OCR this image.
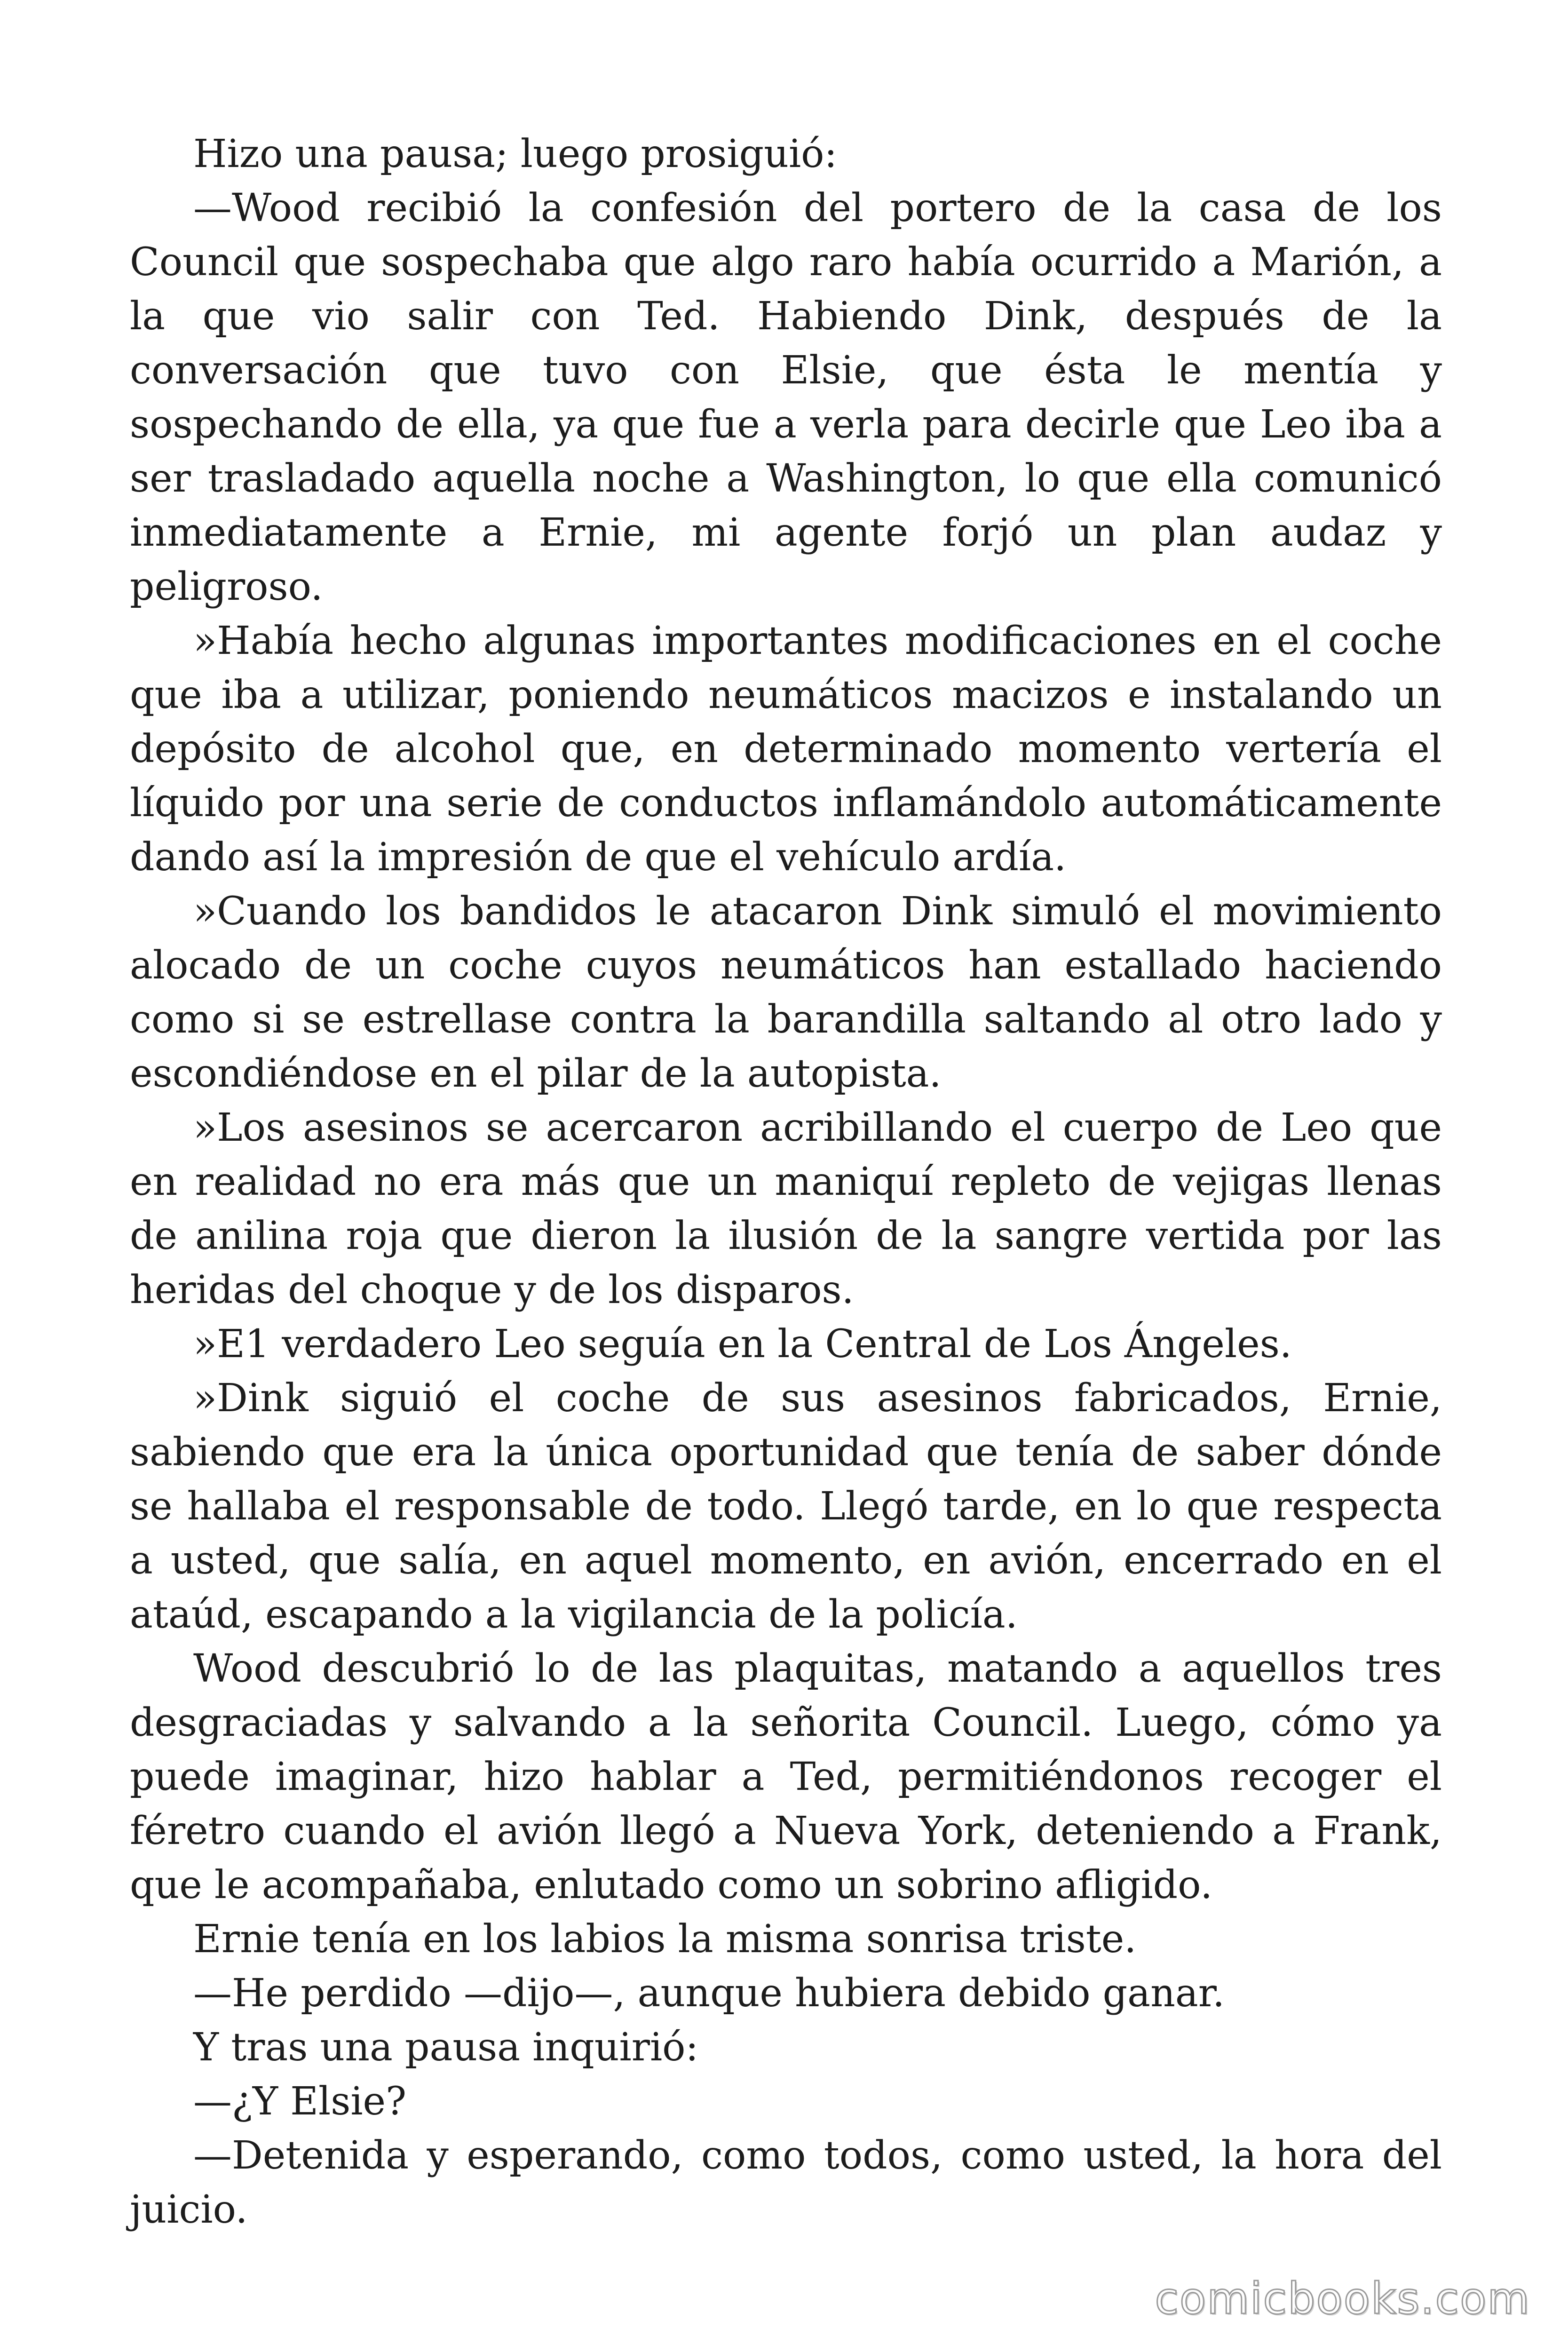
Hizo una pausa; luego prosiguió:

—Wood recibió la confesión del portero de la casa de los Council que sospechaba que algo raro había ocurrido a Marión, a la que vio salir con Ted. Habiendo Dink, después de la conversación que tuvo con Elsie, que ésta le mentía y sospechando de ella, ya que fue a verla para decirle que Leo iba a ser trasladado aquella noche a Washington, lo que ella comunicó inmediatamente a Ernie, mi agente forjó un plan audaz y peligroso.

»Había hecho algunas importantes modificaciones en el coche que iba a utilizar, poniendo neumáticos macizos e instalando un depósito de alcohol que, en determinado momento vertería el líquido por una serie de conductos inflamándolo automáticamente dando así la impresión de que el vehículo ardía.

»Cuando los bandidos le atacaron Dink simuló el movimiento alocado de un coche cuyos neumáticos han estallado haciendo como si se estrellase contra la barandilla saltando al otro lado y escondiéndose en el pilar de la autopista.

»Los asesinos se acercaron acribillando el cuerpo de Leo que en realidad no era más que un maniquí repleto de vejigas llenas de anilina roja que dieron la ilusión de la sangre vertida por las heridas del choque y de los disparos.

»E1 verdadero Leo seguía en la Central de Los Ángeles.

»Dink siguió el coche de sus asesinos fabricados, Ernie, sabiendo que era la única oportunidad que tenía de saber dónde se hallaba el responsable de todo. Llegó tarde, en lo que respecta a usted, que salía, en aquel momento, en avión, encerrado en el ataúd, escapando a la vigilancia de la policía.

Wood descubrió lo de las plaquitas, matando a aquellos tres desgraciadas y salvando a la señorita Council. Luego, cómo ya puede imaginar, hizo hablar a Ted, permitiéndonos recoger el féretro cuando el avión llegó a Nueva York, deteniendo a Frank, que le acompañaba, enlutado como un sobrino afligido.

Ernie tenía en los labios la misma sonrisa triste.

—He perdido —dijo—, aunque hubiera debido ganar.

Y tras una pausa inquirió:

—¿Y Elsie?

—Detenida y esperando, como todos, como usted, la hora del juicio.

comicbooks.com
